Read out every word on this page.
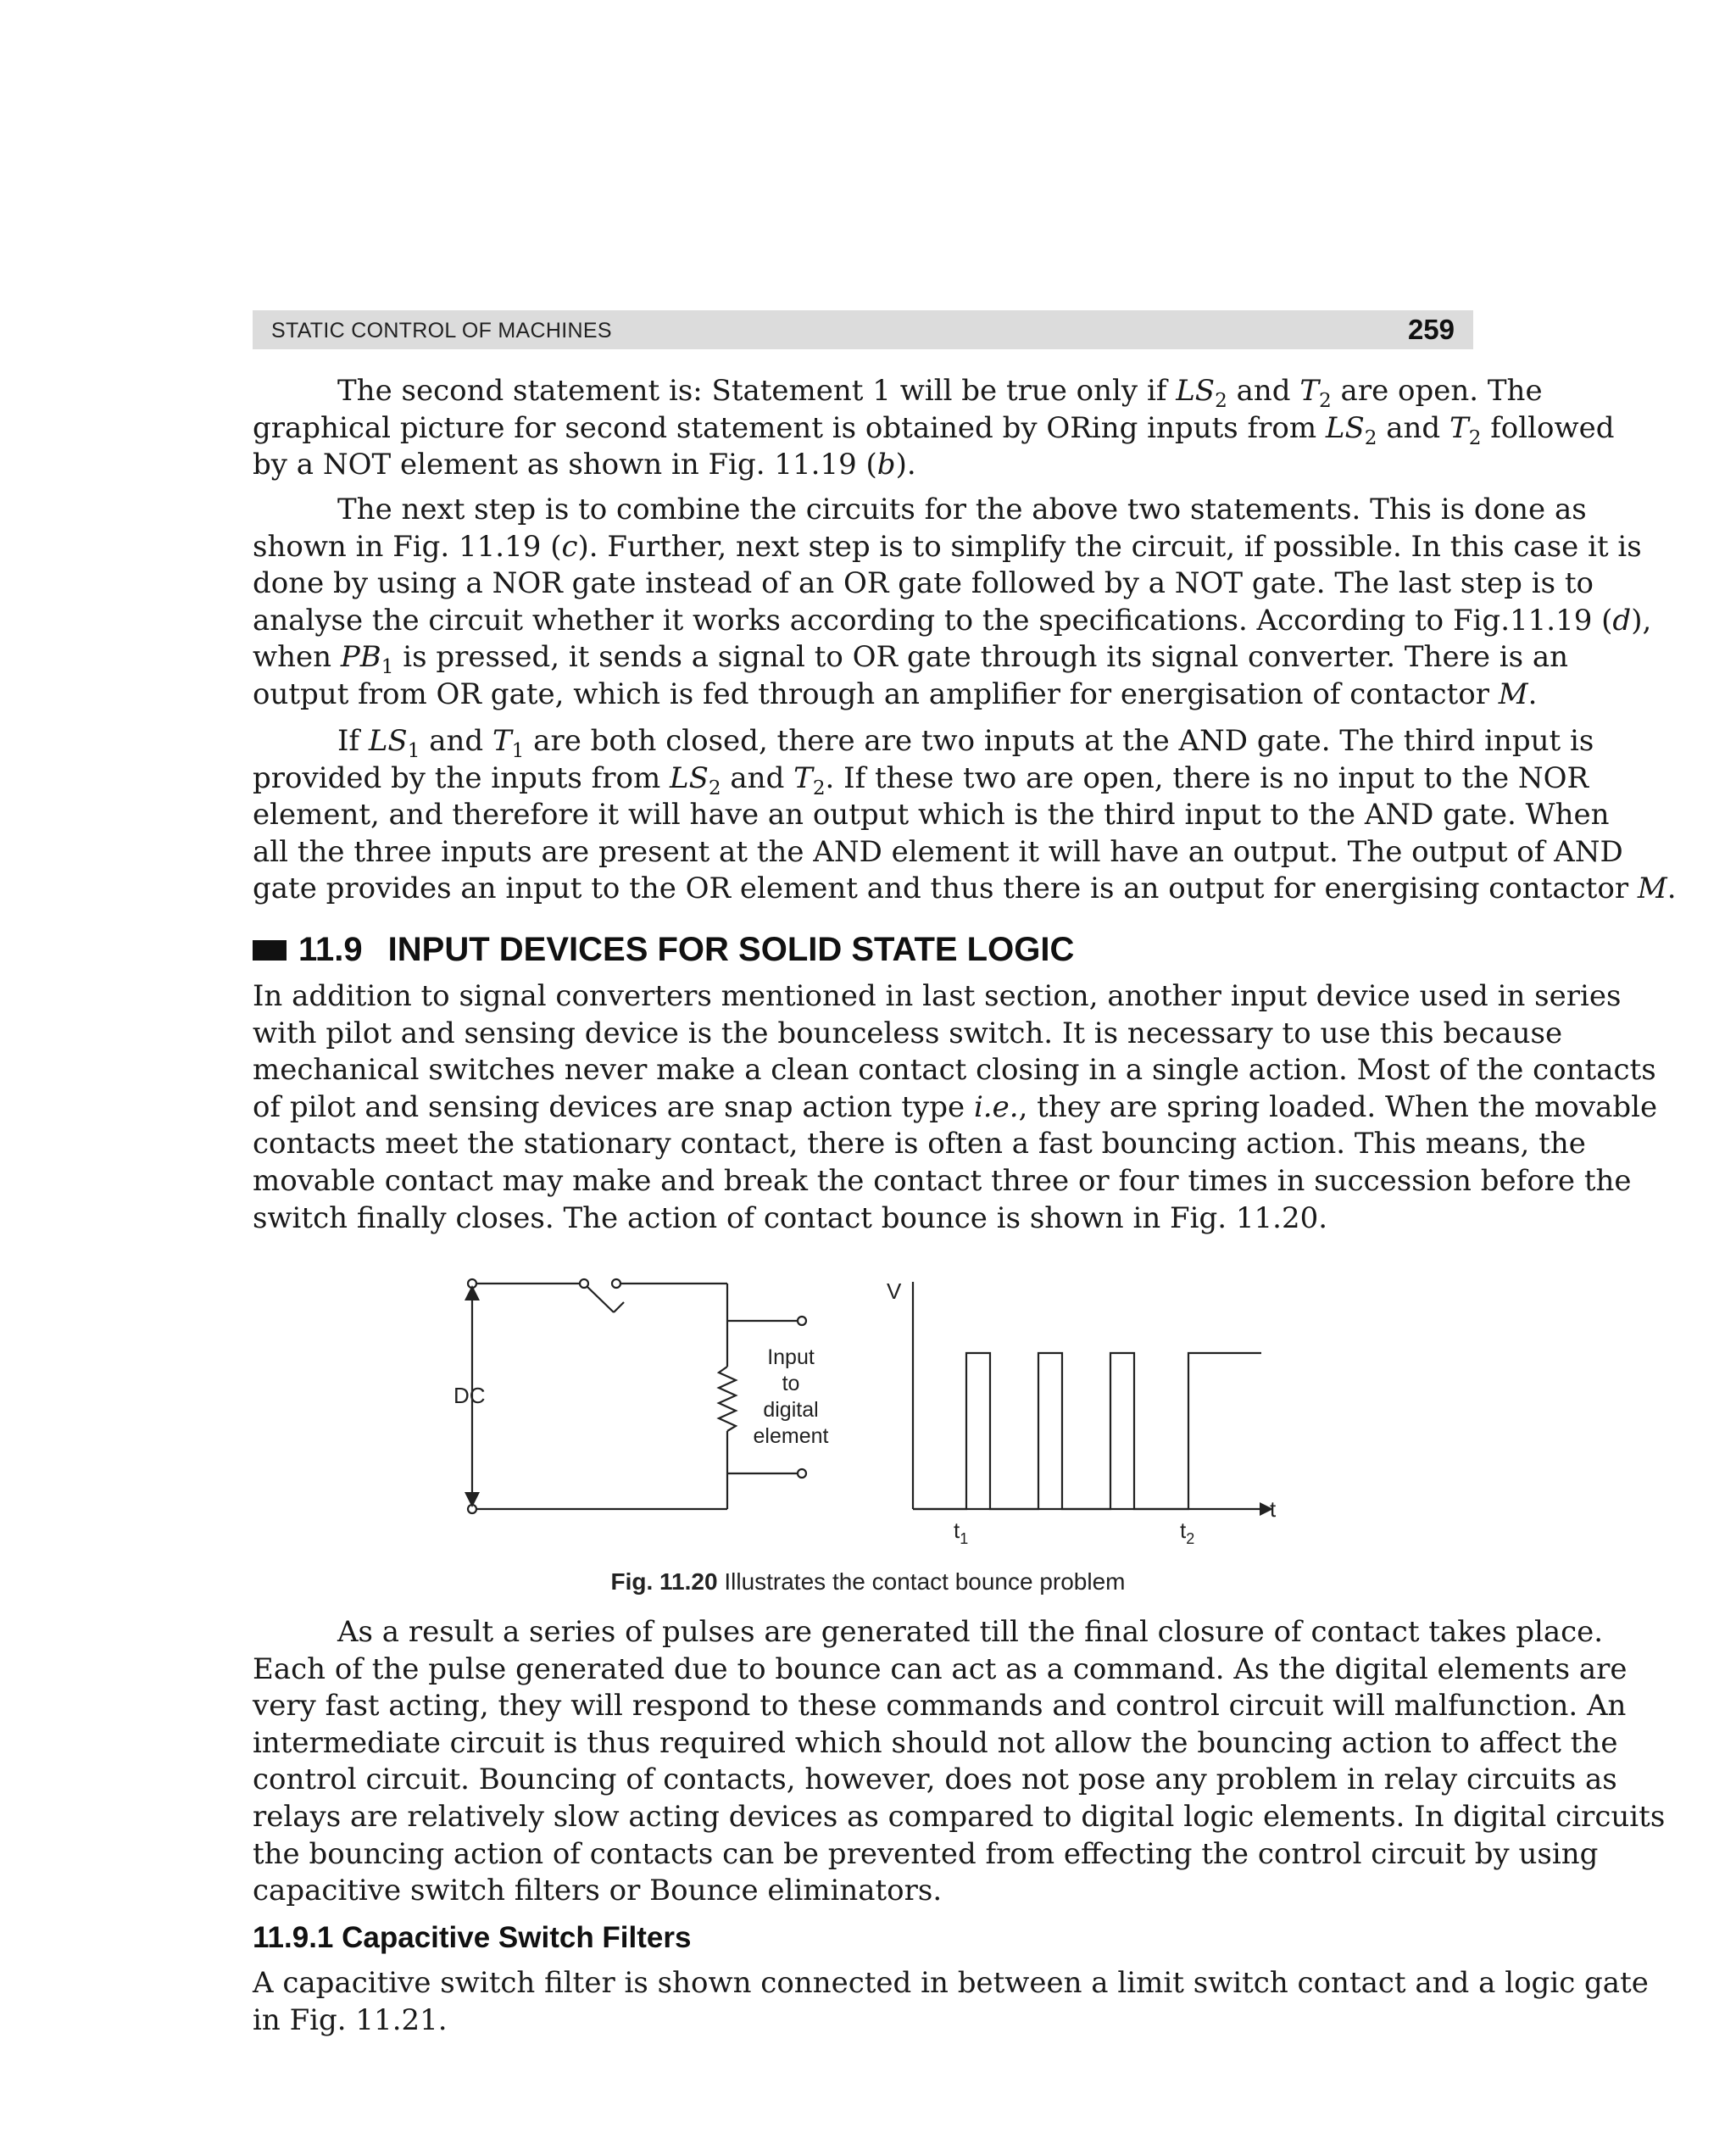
STATIC CONTROL OF MACHINES	259
The second statement is: Statement 1 will be true only if $LS_2$ and $T_2$ are open. The
graphical picture for second statement is obtained by ORing inputs from $LS_2$ and $T_2$ followed
by a NOT element as shown in Fig. 11.19 (b).
The next step is to combine the circuits for the above two statements. This is done as
shown in Fig. 11.19 (c). Further, next step is to simplify the circuit, if possible. In this case it is
done by using a NOR gate instead of an OR gate followed by a NOT gate. The last step is to
analyse the circuit whether it works according to the specifications. According to Fig.11.19 (d),
when $PB_1$ is pressed, it sends a signal to OR gate through its signal converter. There is an
output from OR gate, which is fed through an amplifier for energisation of contactor M.
If $LS_1$ and $T_1$ are both closed, there are two inputs at the AND gate. The third input is
provided by the inputs from $LS_2$ and $T_2$. If these two are open, there is no input to the NOR
element, and therefore it will have an output which is the third input to the AND gate. When
all the three inputs are present at the AND element it will have an output. The output of AND
gate provides an input to the OR element and thus there is an output for energising contactor M.
11.9 INPUT DEVICES FOR SOLID STATE LOGIC
In addition to signal converters mentioned in last section, another input device used in series
with pilot and sensing device is the bounceless switch. It is necessary to use this because
mechanical switches never make a clean contact closing in a single action. Most of the contacts
of pilot and sensing devices are snap action type i.e., they are spring loaded. When the movable
contacts meet the stationary contact, there is often a fast bouncing action. This means, the
movable contact may make and break the contact three or four times in succession before the
switch finally closes. The action of contact bounce is shown in Fig. 11.20.
DC
Input
to
digital
element
V
t
$t_1$	$t_2$
Fig. 11.20 Illustrates the contact bounce problem
As a result a series of pulses are generated till the final closure of contact takes place.
Each of the pulse generated due to bounce can act as a command. As the digital elements are
very fast acting, they will respond to these commands and control circuit will malfunction. An
intermediate circuit is thus required which should not allow the bouncing action to affect the
control circuit. Bouncing of contacts, however, does not pose any problem in relay circuits as
relays are relatively slow acting devices as compared to digital logic elements. In digital circuits
the bouncing action of contacts can be prevented from effecting the control circuit by using
capacitive switch filters or Bounce eliminators.
11.9.1 Capacitive Switch Filters
A capacitive switch filter is shown connected in between a limit switch contact and a logic gate
in Fig. 11.21.
